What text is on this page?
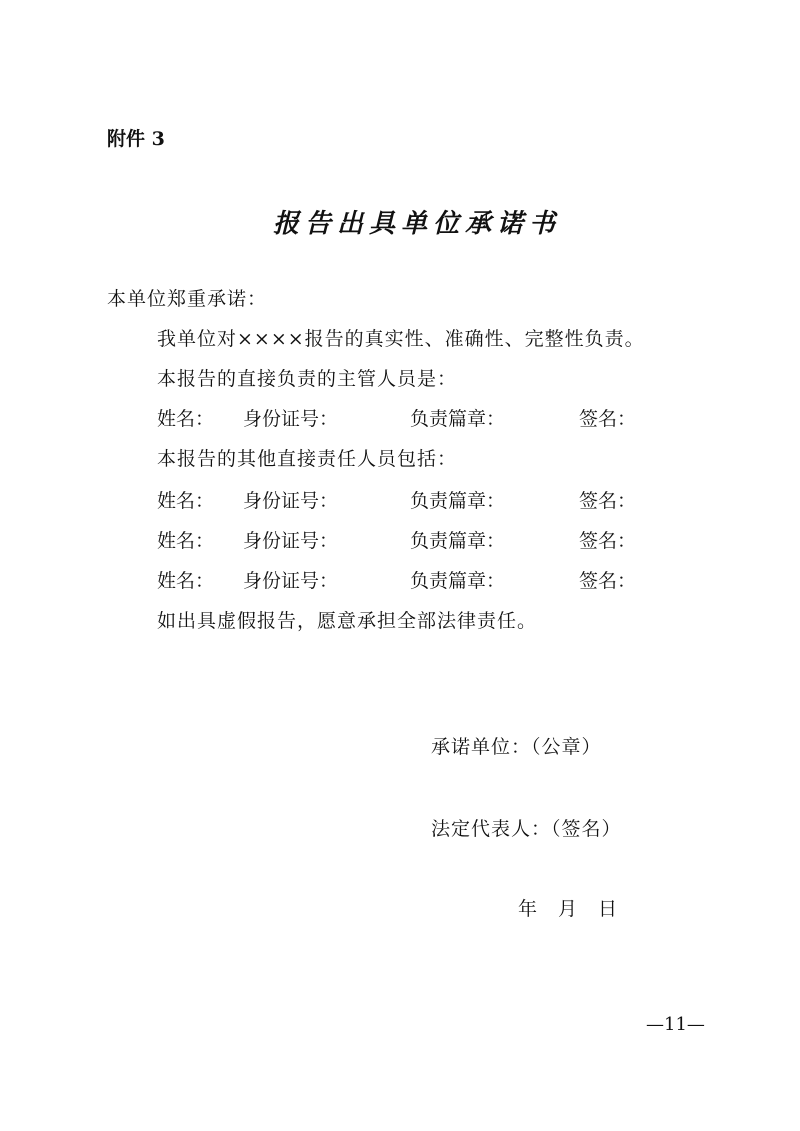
附件 3
报告出具单位承诺书
本单位郑重承诺：
我单位对××××报告的真实性、准确性、完整性负责。
本报告的直接负责的主管人员是：
姓名： 身份证号：	负责篇章：	签名：
本报告的其他直接责任人员包括：
姓名： 身份证号：	负责篇章：	签名：
姓名： 身份证号：	负责篇章：	签名：
姓名： 身份证号：	负责篇章：	签名：
如出具虚假报告，愿意承担全部法律责任。
承诺单位：（公章）
法定代表人：（签名）
年　月　日
—11—
